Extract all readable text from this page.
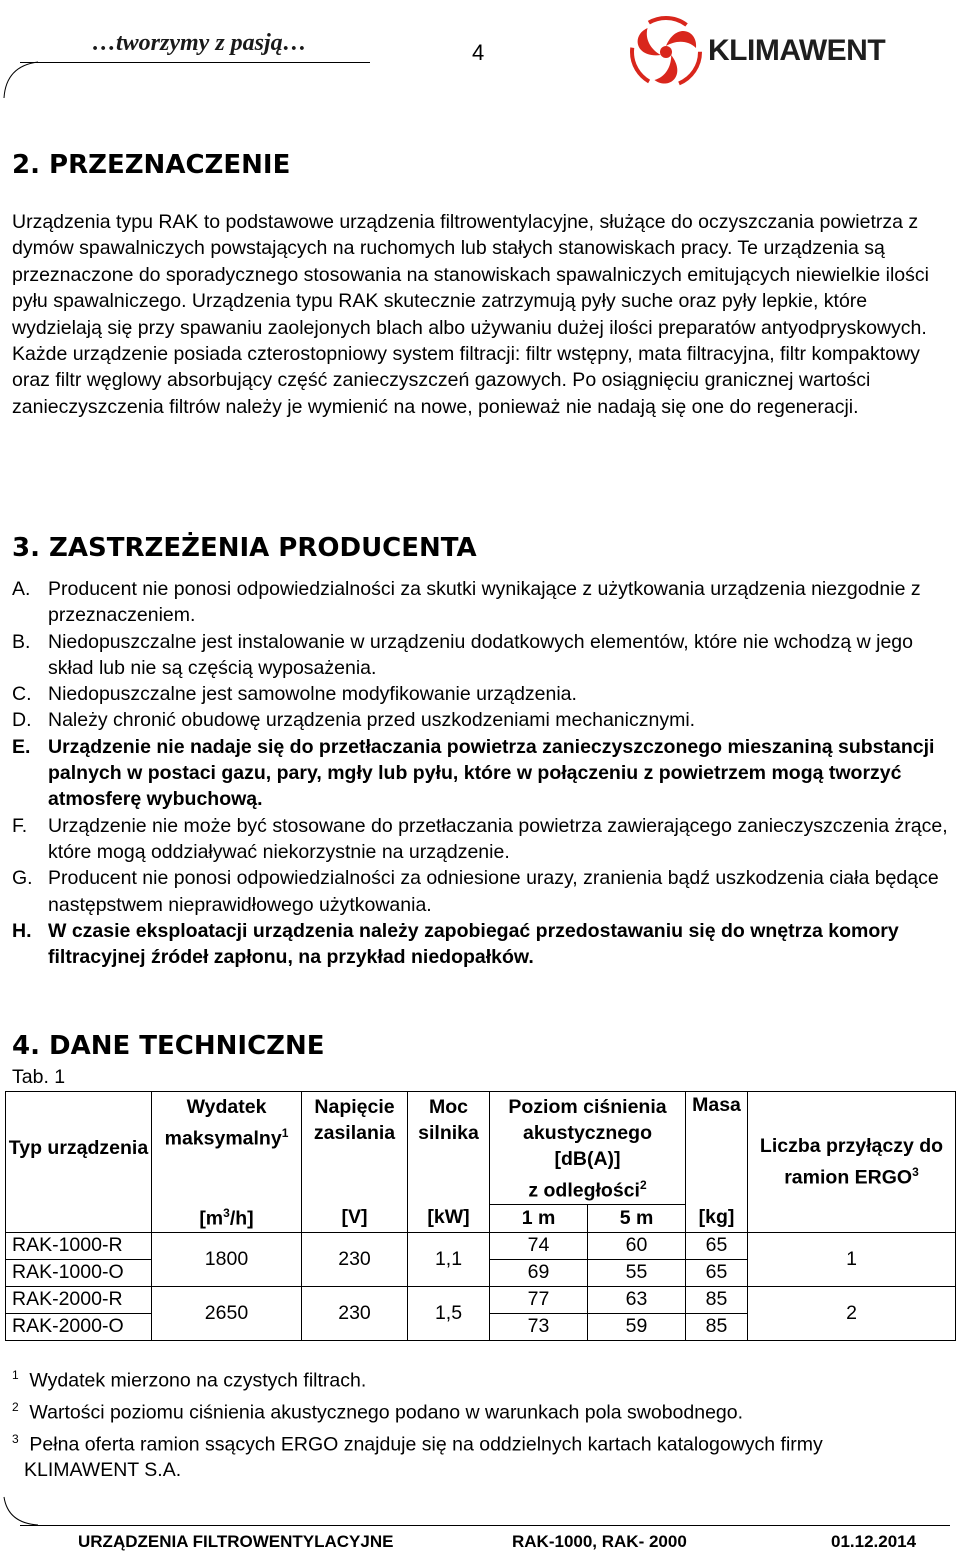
…tworzymy z pasją…	4	KLIMAWENT
2. PRZEZNACZENIE

Urządzenia typu RAK to podstawowe urządzenia filtrowentylacyjne, służące do oczyszczania powietrza z dymów spawalniczych powstających na ruchomych lub stałych stanowiskach pracy. Te urządzenia są przeznaczone do sporadycznego stosowania na stanowiskach spawalniczych emitujących niewielkie ilości pyłu spawalniczego. Urządzenia typu RAK skutecznie zatrzymują pyły suche oraz pyły lepkie, które wydzielają się przy spawaniu zaolejonych blach albo używaniu dużej ilości preparatów antyodpryskowych. Każde urządzenie posiada czterostopniowy system filtracji: filtr wstępny, mata filtracyjna, filtr kompaktowy oraz filtr węglowy absorbujący część zanieczyszczeń gazowych. Po osiągnięciu granicznej wartości zanieczyszczenia filtrów należy je wymienić na nowe, ponieważ nie nadają się one do regeneracji.

3. ZASTRZEŻENIA PRODUCENTA
A. Producent nie ponosi odpowiedzialności za skutki wynikające z użytkowania urządzenia niezgodnie z przeznaczeniem.
B. Niedopuszczalne jest instalowanie w urządzeniu dodatkowych elementów, które nie wchodzą w jego skład lub nie są częścią wyposażenia.
C. Niedopuszczalne jest samowolne modyfikowanie urządzenia.
D. Należy chronić obudowę urządzenia przed uszkodzeniami mechanicznymi.
E. Urządzenie nie nadaje się do przetłaczania powietrza zanieczyszczonego mieszaniną substancji palnych w postaci gazu, pary, mgły lub pyłu, które w połączeniu z powietrzem mogą tworzyć atmosferę wybuchową.
F. Urządzenie nie może być stosowane do przetłaczania powietrza zawierającego zanieczyszczenia żrące, które mogą oddziaływać niekorzystnie na urządzenie.
G. Producent nie ponosi odpowiedzialności za odniesione urazy, zranienia bądź uszkodzenia ciała będące następstwem nieprawidłowego użytkowania.
H. W czasie eksploatacji urządzenia należy zapobiegać przedostawaniu się do wnętrza komory filtracyjnej źródeł zapłonu, na przykład niedopałków.
4. DANE TECHNICZNE
Tab. 1
Typ urządzenia	Wydatek maksymalny$^1$	Napięcie zasilania	Moc silnika	Poziom ciśnienia akustycznego
[dB(A)]
z odległości$^2$		Masa	Liczba przyłączy do ramion ERGO$^3$

	$[m^3/h]$	[V]	[kW]	1 m	5 m	[kg]	
RAK-1000-R	1800	230	1,1	74	60	65	1
RAK-1000-O				69	55	65	
RAK-2000-R	2650	230	1,5	77	63	85	2
RAK-2000-O				73	59	85	

$^1$ Wydatek mierzono na czystych filtrach.

$^2$ Wartości poziomu ciśnienia akustycznego podano w warunkach pola swobodnego.

$^3$ Pełna oferta ramion ssących ERGO znajduje się na oddzielnych kartach katalogowych firmy KLIMAWENT S.A.

URZĄDZENIA FILTROWENTYLACYJNE	RAK-1000, RAK- 2000	01.12.2014
